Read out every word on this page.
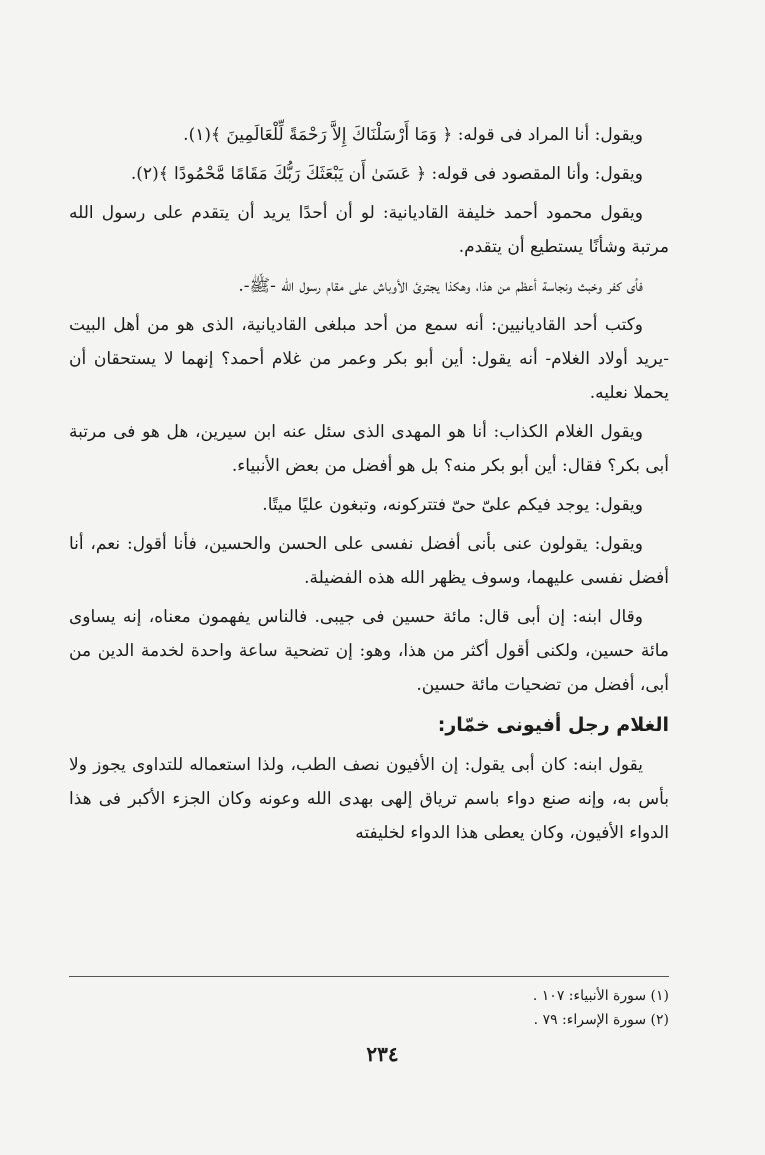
ويقول: أنا المراد فى قوله: ﴿ وَمَا أَرْسَلْنَاكَ إِلاَّ رَحْمَةً لِّلْعَالَمِينَ ﴾(١).

ويقول: وأنا المقصود فى قوله: ﴿ عَسَىٰ أَن يَبْعَثَكَ رَبُّكَ مَقَامًا مَّحْمُودًا ﴾(٢).

ويقول محمود أحمد خليفة القاديانية: لو أن أحدًا يريد أن يتقدم على رسول الله مرتبة وشأنًا يستطيع أن يتقدم.

فأى كفر وخبث ونجاسة أعظم من هذا، وهكذا يجترئ الأوباش على مقام رسول الله -ﷺ-.

وكتب أحد القاديانيين: أنه سمع من أحد مبلغى القاديانية، الذى هو من أهل البيت -يريد أولاد الغلام- أنه يقول: أين أبو بكر وعمر من غلام أحمد؟ إنهما لا يستحقان أن يحملا نعليه.

ويقول الغلام الكذاب: أنا هو المهدى الذى سئل عنه ابن سيرين، هل هو فى مرتبة أبى بكر؟ فقال: أين أبو بكر منه؟ بل هو أفضل من بعض الأنبياء.

ويقول: يوجد فيكم علىّ حىّ فتتركونه، وتبغون عليًا ميتًا.

ويقول: يقولون عنى بأنى أفضل نفسى على الحسن والحسين، فأنا أقول: نعم، أنا أفضل نفسى عليهما، وسوف يظهر الله هذه الفضيلة.

وقال ابنه: إن أبى قال: مائة حسين فى جيبى. فالناس يفهمون معناه، إنه يساوى مائة حسين، ولكنى أقول أكثر من هذا، وهو: إن تضحية ساعة واحدة لخدمة الدين من أبى، أفضل من تضحيات مائة حسين.

الغلام رجل أفيونى خمّار:

يقول ابنه: كان أبى يقول: إن الأفيون نصف الطب، ولذا استعماله للتداوى يجوز ولا بأس به، وإنه صنع دواء باسم ترياق إلهى بهدى الله وعونه وكان الجزء الأكبر فى هذا الدواء الأفيون، وكان يعطى هذا الدواء لخليفته

(١) سورة الأنبياء: ١٠٧ .

(٢) سورة الإسراء: ٧٩ .

٢٣٤
